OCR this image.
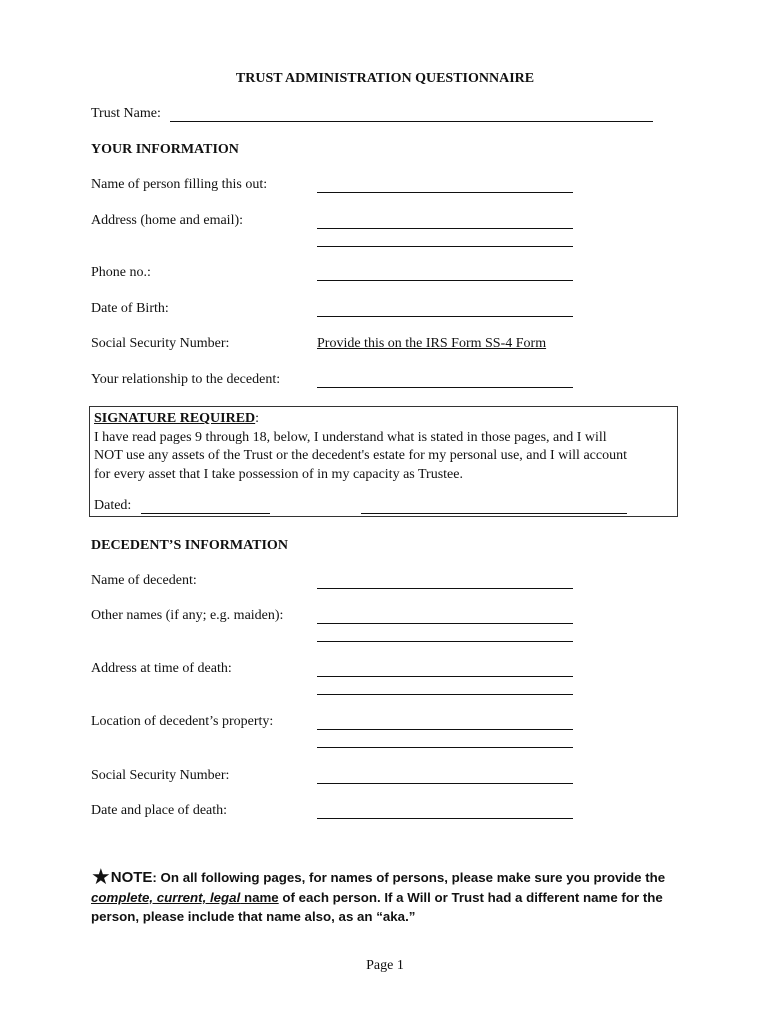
TRUST ADMINISTRATION QUESTIONNAIRE
Trust Name:
YOUR INFORMATION
Name of person filling this out:
Address (home and email):
Phone no.:
Date of Birth:
Social Security Number:	Provide this on the IRS Form SS-4 Form
Your relationship to the decedent:
SIGNATURE REQUIRED:
I have read pages 9 through 18, below, I understand what is stated in those pages, and I will
NOT use any assets of the Trust or the decedent's estate for my personal use, and I will account
for every asset that I take possession of in my capacity as Trustee.
Dated:
DECEDENT’S INFORMATION
Name of decedent:
Other names (if any; e.g. maiden):
Address at time of death:
Location of decedent’s property:
Social Security Number:
Date and place of death:
★NOTE: On all following pages, for names of persons, please make sure you provide the complete, current, legal name of each person. If a Will or Trust had a different name for the person, please include that name also, as an “aka.”
Page 1
